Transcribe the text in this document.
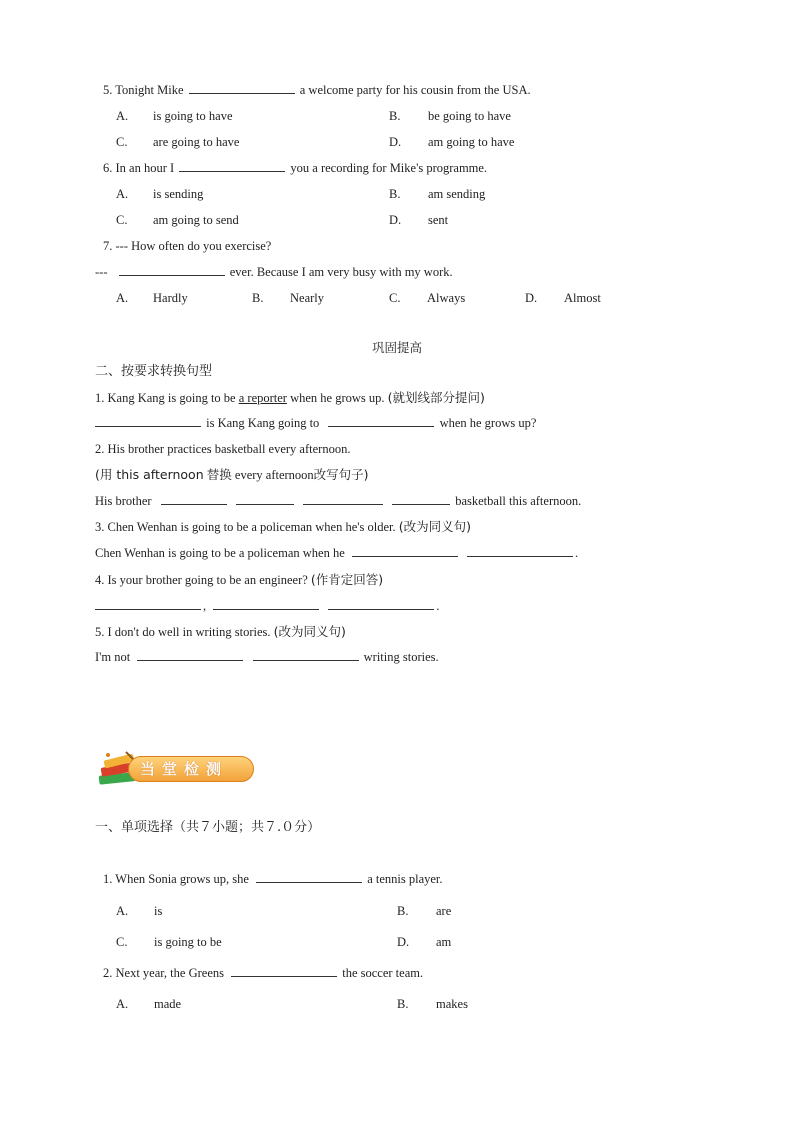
5. Tonight Mike	a welcome party for his cousin from the USA.
A. is going to have	B. be going to have
C. are going to have	D. am going to have
6. In an hour I	you a recording for Mike's programme.
A. is sending	B. am sending
C. am going to send	D. sent
7. --- How often do you exercise?
---	ever. Because I am very busy with my work.
A. Hardly	B. Nearly	C. Always	D. Almost
巩固提高
二、按要求转换句型
1. Kang Kang is going to be a reporter when he grows up. (就划线部分提问)
is Kang Kang going to	when he grows up?
2. His brother practices basketball every afternoon.
(用 this afternoon 替换 every afternoon改写句子)
His brother	basketball this afternoon.
3. Chen Wenhan is going to be a policeman when he's older. (改为同义句)
Chen Wenhan is going to be a policeman when he	.
4. Is your brother going to be an engineer? (作肯定回答)
,	.
5. I don't do well in writing stories. (改为同义句)
I'm not	writing stories.
当堂检测
一、单项选择（共７小题；共７.０分）
1. When Sonia grows up, she	a tennis player.
A. is	B. are
C. is going to be	D. am
2. Next year, the Greens	the soccer team.
A. made	B. makes
